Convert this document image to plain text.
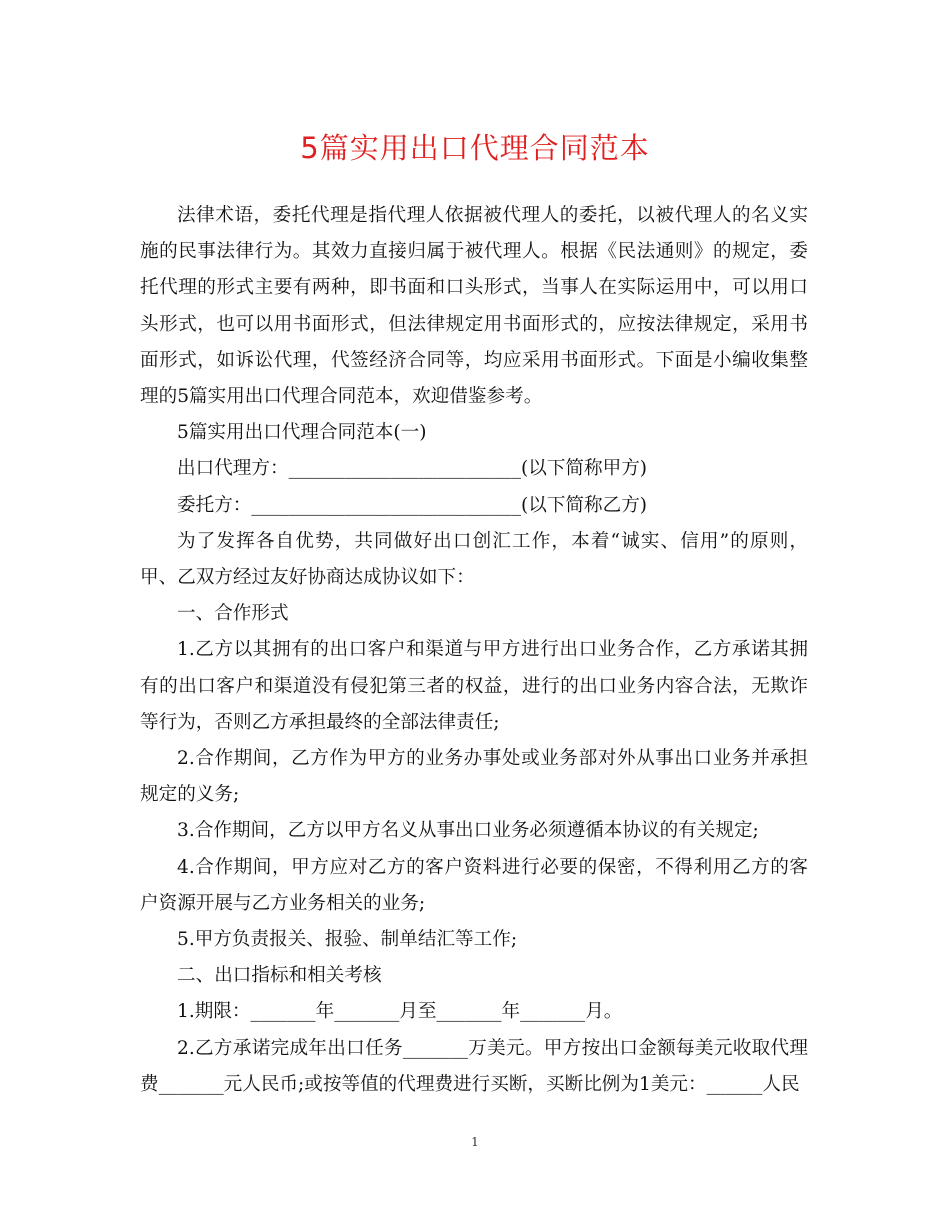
5篇实用出口代理合同范本

法律术语，委托代理是指代理人依据被代理人的委托，以被代理人的名义实施的民事法律行为。其效力直接归属于被代理人。根据《民法通则》的规定，委托代理的形式主要有两种，即书面和口头形式，当事人在实际运用中，可以用口头形式，也可以用书面形式，但法律规定用书面形式的，应按法律规定，采用书面形式，如诉讼代理，代签经济合同等，均应采用书面形式。下面是小编收集整理的5篇实用出口代理合同范本，欢迎借鉴参考。

5篇实用出口代理合同范本(一)

出口代理方：_________________________(以下简称甲方)

委托方：_____________________________(以下简称乙方)

为了发挥各自优势，共同做好出口创汇工作，本着“诚实、信用”的原则，甲、乙双方经过友好协商达成协议如下：

一、合作形式

1.乙方以其拥有的出口客户和渠道与甲方进行出口业务合作，乙方承诺其拥有的出口客户和渠道没有侵犯第三者的权益，进行的出口业务内容合法，无欺诈等行为，否则乙方承担最终的全部法律责任;

2.合作期间，乙方作为甲方的业务办事处或业务部对外从事出口业务并承担规定的义务;

3.合作期间，乙方以甲方名义从事出口业务必须遵循本协议的有关规定;

4.合作期间，甲方应对乙方的客户资料进行必要的保密，不得利用乙方的客户资源开展与乙方业务相关的业务;

5.甲方负责报关、报验、制单结汇等工作;

二、出口指标和相关考核

1.期限：_______年_______月至_______年_______月。

2.乙方承诺完成年出口任务_______万美元。甲方按出口金额每美元收取代理费_______元人民币;或按等值的代理费进行买断，买断比例为1美元：______人民

1
